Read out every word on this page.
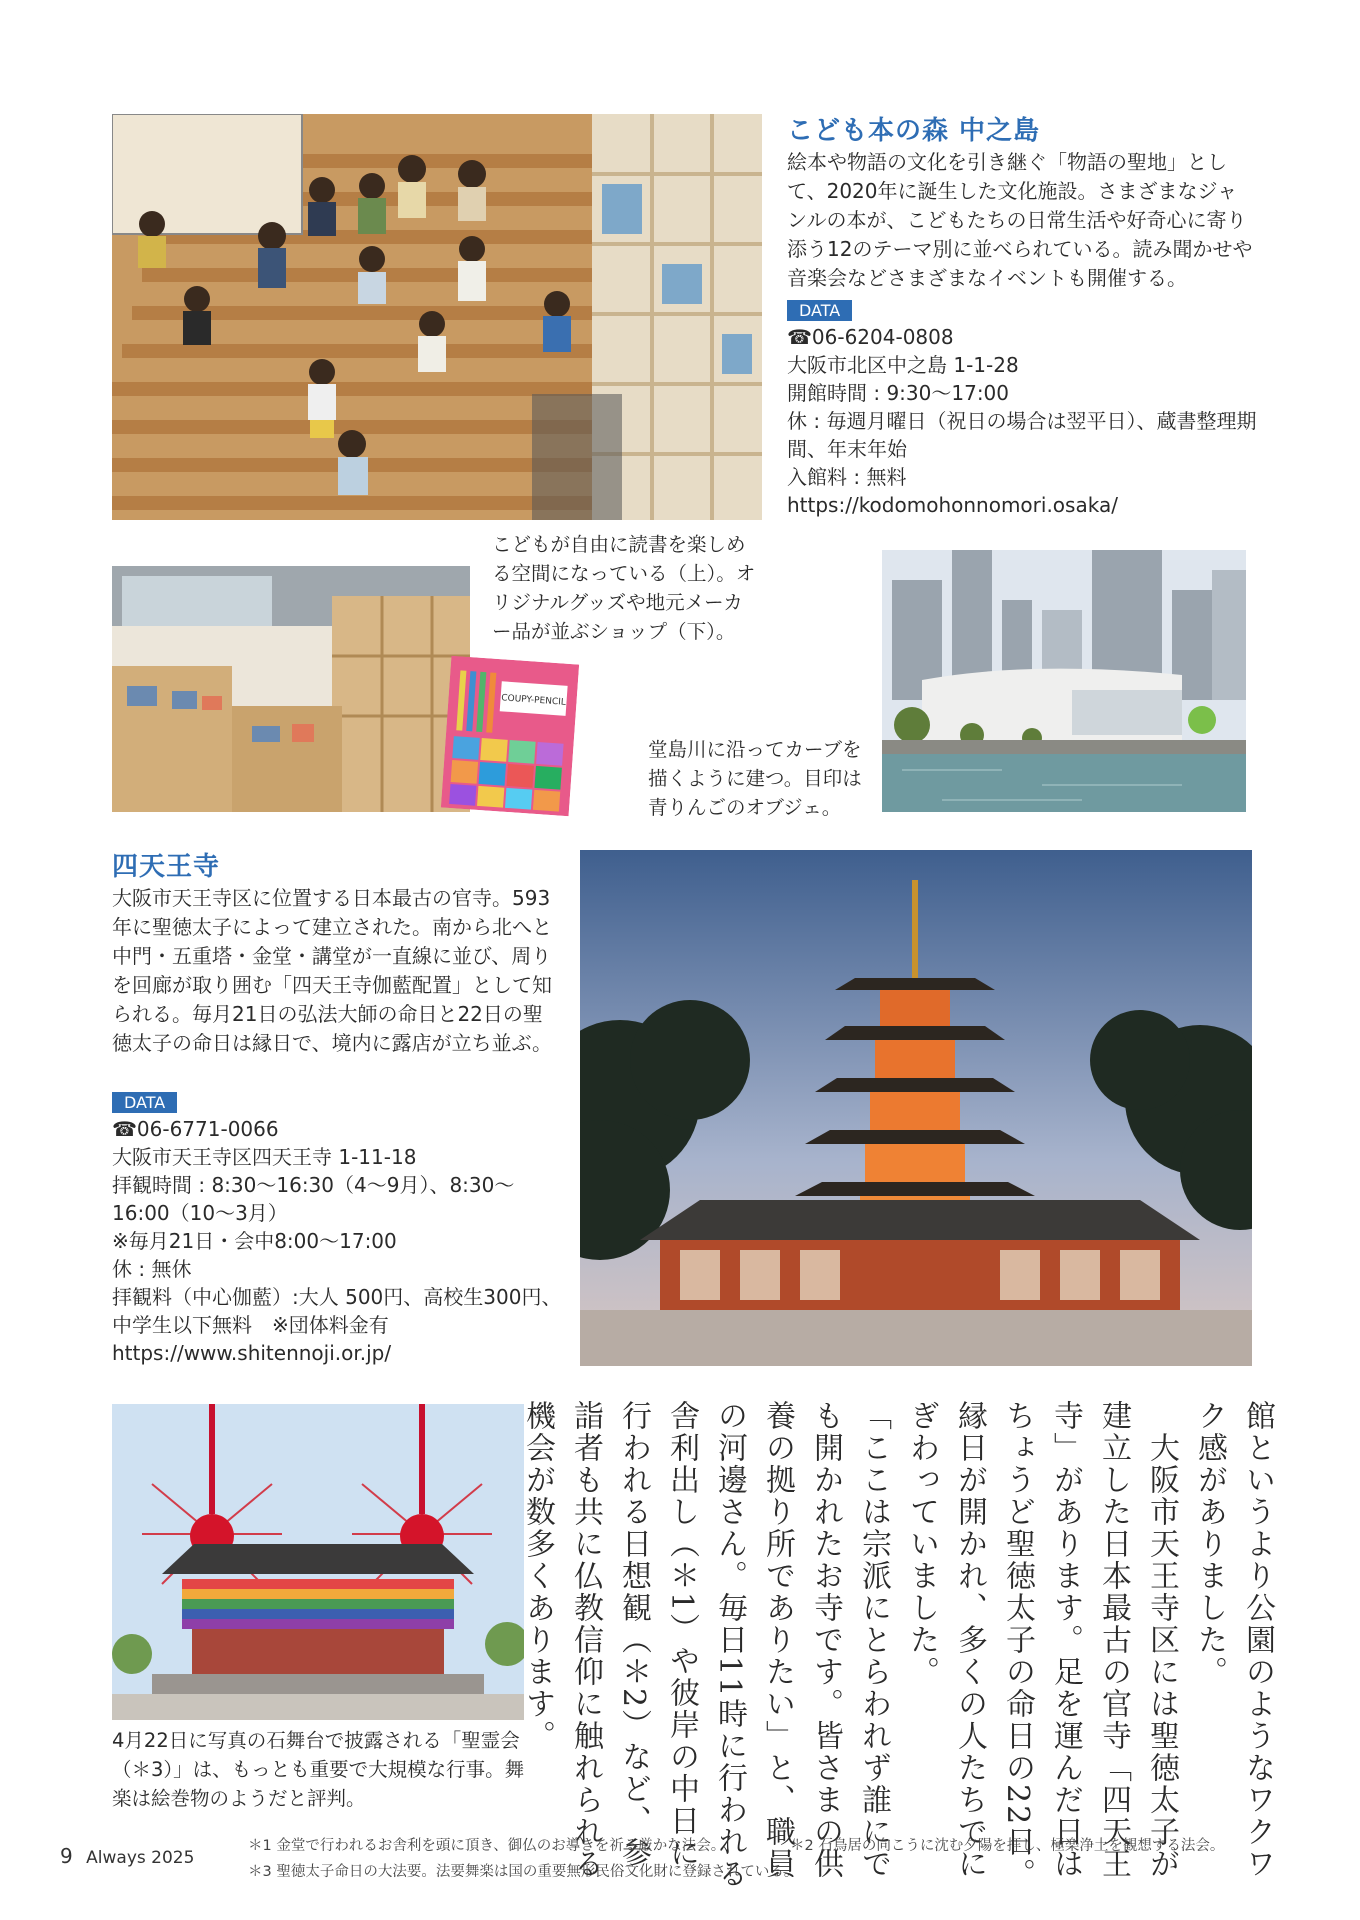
こども本の森 中之島
絵本や物語の文化を引き継ぐ「物語の聖地」として、2020年に誕生した文化施設。さまざまなジャンルの本が、こどもたちの日常生活や好奇心に寄り添う12のテーマ別に並べられている。読み聞かせや音楽会などさまざまなイベントも開催する。
DATA
☎06-6204-0808
大阪市北区中之島 1-1-28
開館時間 : 9:30～17:00
休 : 毎週月曜日（祝日の場合は翌平日）、蔵書整理期間、年末年始
入館料 : 無料
https://kodomohonnomori.osaka/
こどもが自由に読書を楽しめる空間になっている（上）。オリジナルグッズや地元メーカー品が並ぶショップ（下）。
COUPY-PENCIL
堂島川に沿ってカーブを描くように建つ。目印は青りんごのオブジェ。
四天王寺
大阪市天王寺区に位置する日本最古の官寺。593年に聖徳太子によって建立された。南から北へと中門・五重塔・金堂・講堂が一直線に並び、周りを回廊が取り囲む「四天王寺伽藍配置」として知られる。毎月21日の弘法大師の命日と22日の聖徳太子の命日は縁日で、境内に露店が立ち並ぶ。
DATA
☎06-6771-0066
大阪市天王寺区四天王寺 1-11-18
拝観時間 : 8:30～16:30（4～9月）、8:30～16:00（10～3月）
※毎月21日・会中8:00～17:00
休 : 無休
拝観料（中心伽藍）:大人 500円、高校生300円、中学生以下無料　※団体料金有
https://www.shitennoji.or.jp/
4月22日に写真の石舞台で披露される「聖霊会（＊3）」は、もっとも重要で大規模な行事。舞楽は絵巻物のようだと評判。	館というより公園のようなワクワ
ク感がありました。
　大阪市天王寺区には聖徳太子が
建立した日本最古の官寺「四天王
寺」があります。足を運んだ日は
ちょうど聖徳太子の命日の22日。
縁日が開かれ、多くの人たちでに
ぎわっていました。
「ここは宗派にとらわれず誰にで
も開かれたお寺です。皆さまの供
養の拠り所でありたい」と、職員
の河邊さん。毎日11時に行われる
舎利出し（＊1）や彼岸の中日に
行われる日想観（＊2）など、参
詣者も共に仏教信仰に触れられる
機会が数多くあります。
9 Always 2025
＊1 金堂で行われるお舎利を頭に頂き、御仏のお導きを祈る厳かな法会。	＊2 石鳥居の向こうに沈む夕陽を拝し、極楽浄土を観想する法会。
＊3 聖徳太子命日の大法要。法要舞楽は国の重要無形民俗文化財に登録されている。
